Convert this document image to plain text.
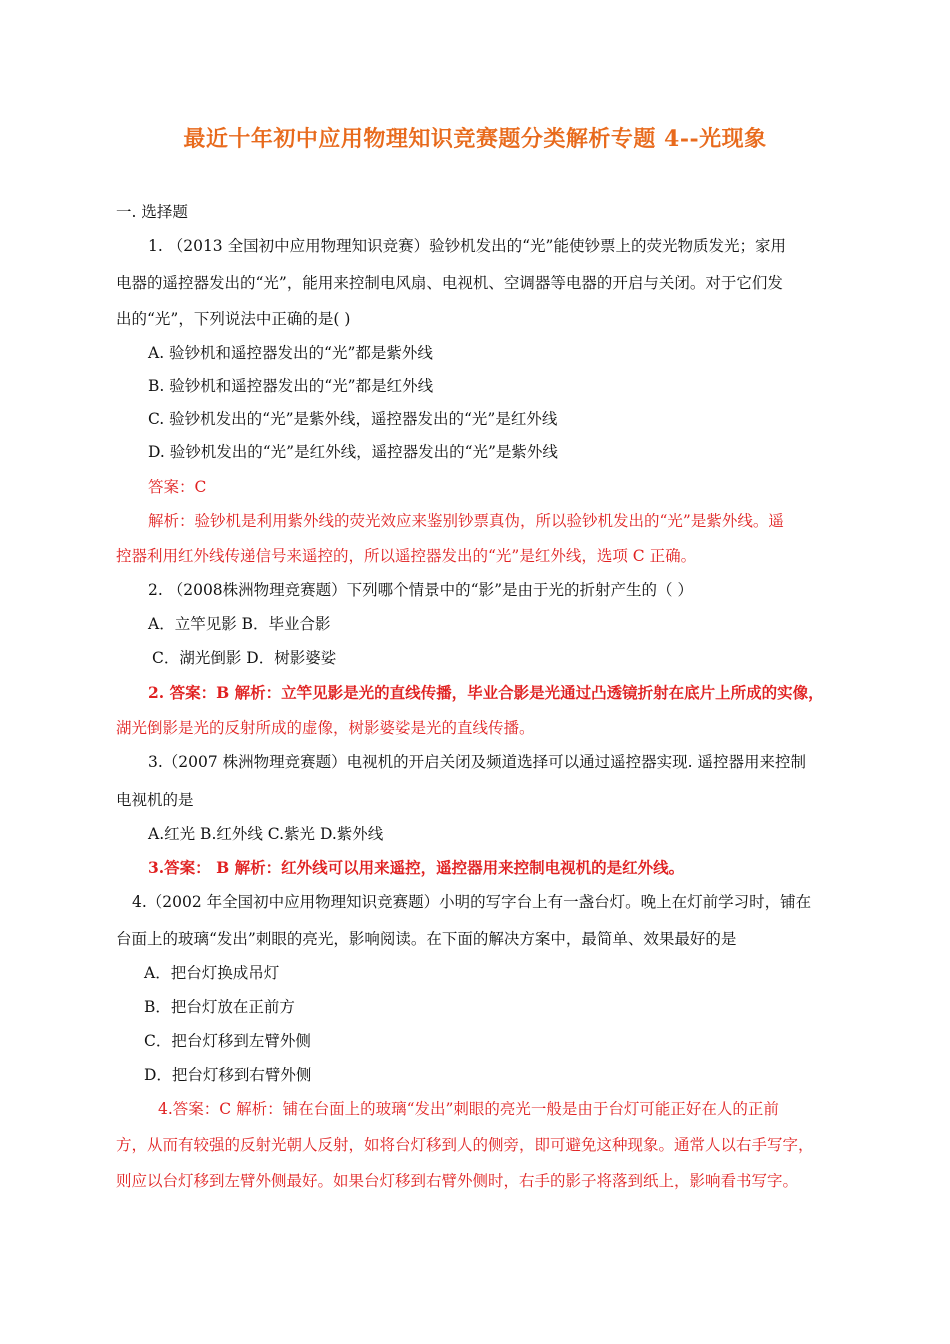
最近十年初中应用物理知识竞赛题分类解析专题 4--光现象
一. 选择题
1. （2013 全国初中应用物理知识竞赛）验钞机发出的“光”能使钞票上的荧光物质发光；家用
电器的遥控器发出的“光”，能用来控制电风扇、电视机、空调器等电器的开启与关闭。对于它们发
出的“光”，下列说法中正确的是( )
A. 验钞机和遥控器发出的“光”都是紫外线
B. 验钞机和遥控器发出的“光”都是红外线
C. 验钞机发出的“光”是紫外线，遥控器发出的“光”是红外线
D. 验钞机发出的“光”是红外线，遥控器发出的“光”是紫外线
答案：C
解析：验钞机是利用紫外线的荧光效应来鉴别钞票真伪，所以验钞机发出的“光”是紫外线。遥
控器利用红外线传递信号来遥控的，所以遥控器发出的“光”是红外线，选项 C 正确。
2. （2008株洲物理竞赛题）下列哪个情景中的“影”是由于光的折射产生的（ ）
A．立竿见影 B．毕业合影
C．湖光倒影 D．树影婆娑
2. 答案：B 解析：立竿见影是光的直线传播，毕业合影是光通过凸透镜折射在底片上所成的实像，
湖光倒影是光的反射所成的虚像，树影婆娑是光的直线传播。
3.（2007 株洲物理竞赛题）电视机的开启关闭及频道选择可以通过遥控器实现. 遥控器用来控制
电视机的是
A.红光 B.红外线 C.紫光 D.紫外线
3.答案： B 解析：红外线可以用来遥控，遥控器用来控制电视机的是红外线。
4.（2002 年全国初中应用物理知识竞赛题）小明的写字台上有一盏台灯。晚上在灯前学习时，铺在
台面上的玻璃“发出”刺眼的亮光，影响阅读。在下面的解决方案中，最简单、效果最好的是
A．把台灯换成吊灯
B．把台灯放在正前方
C．把台灯移到左臂外侧
D．把台灯移到右臂外侧
4.答案：C 解析：铺在台面上的玻璃“发出”刺眼的亮光一般是由于台灯可能正好在人的正前
方，从而有较强的反射光朝人反射，如将台灯移到人的侧旁，即可避免这种现象。通常人以右手写字，
则应以台灯移到左臂外侧最好。如果台灯移到右臂外侧时，右手的影子将落到纸上，影响看书写字。
